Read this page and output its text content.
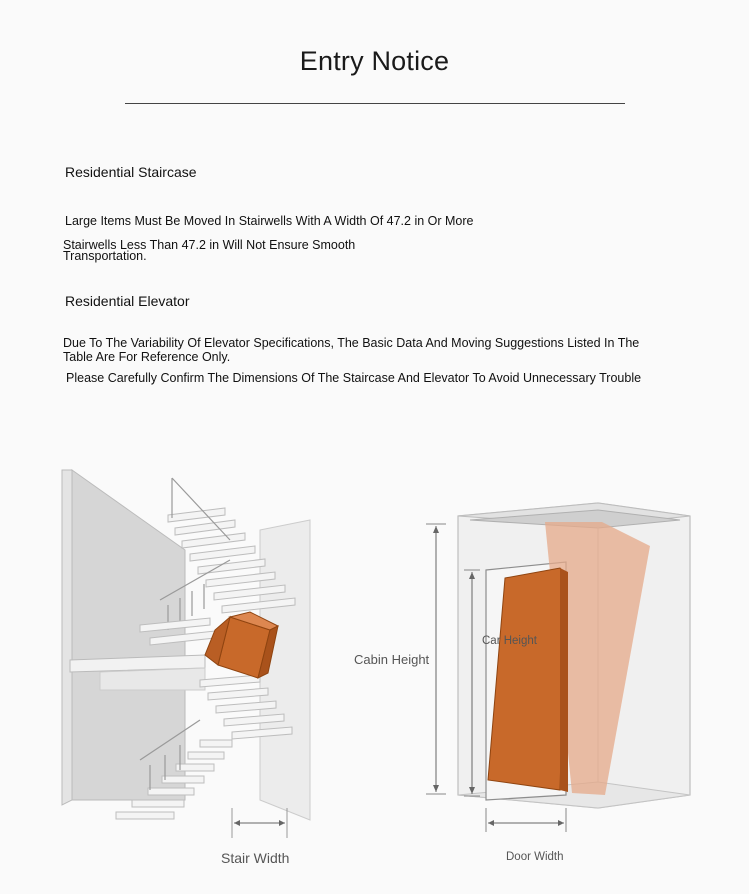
Entry Notice
Residential Staircase
Large Items Must Be Moved In Stairwells With A Width Of 47.2 in Or More
Stairwells Less Than 47.2 in Will Not Ensure Smooth
Transportation.
Residential Elevator
Due To The Variability Of Elevator Specifications, The Basic Data And Moving Suggestions Listed In The
Table Are For Reference Only.
Please Carefully Confirm The Dimensions Of The Staircase And Elevator To Avoid Unnecessary Trouble
Stair Width
Cabin Height
Car Height
Door Width
